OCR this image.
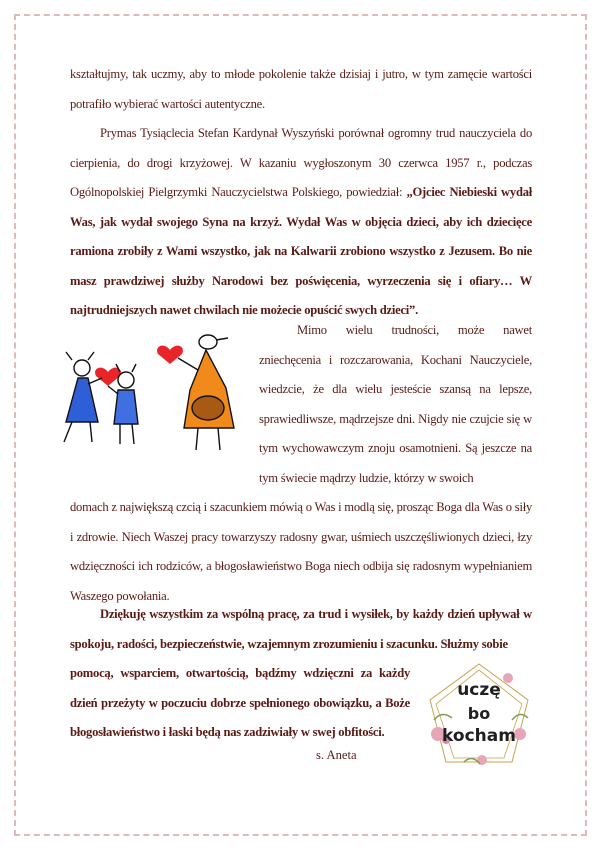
kształtujmy, tak uczmy, aby to młode pokolenie także dzisiaj i jutro, w tym zamęcie wartości potrafiło wybierać wartości autentyczne.

Prymas Tysiąclecia Stefan Kardynał Wyszyński porównał ogromny trud nauczyciela do cierpienia, do drogi krzyżowej. W kazaniu wygłoszonym 30 czerwca 1957 r., podczas Ogólnopolskiej Pielgrzymki Nauczycielstwa Polskiego, powiedział: „Ojciec Niebieski wydał Was, jak wydał swojego Syna na krzyż. Wydał Was w objęcia dzieci, aby ich dziecięce ramiona zrobiły z Wami wszystko, jak na Kalwarii zrobiono wszystko z Jezusem. Bo nie masz prawdziwej służby Narodowi bez poświęcenia, wyrzeczenia się i ofiary… W najtrudniejszych nawet chwilach nie możecie opuścić swych dzieci”.

Mimo wielu trudności, może nawet zniechęcenia i rozczarowania, Kochani Nauczyciele, wiedzcie, że dla wielu jesteście szansą na lepsze, sprawiedliwsze, mądrzejsze dni. Nigdy nie czujcie się w tym wychowawczym znoju osamotnieni. Są jeszcze na tym świecie mądrzy ludzie, którzy w swoich

domach z największą czcią i szacunkiem mówią o Was i modlą się, prosząc Boga dla Was o siły i zdrowie. Niech Waszej pracy towarzyszy radosny gwar, uśmiech uszczęśliwionych dzieci, łzy wdzięczności ich rodziców, a błogosławieństwo Boga niech odbija się radosnym wypełnianiem Waszego powołania.

Dziękuję wszystkim za wspólną pracę, za trud i wysiłek, by każdy dzień upływał w spokoju, radości, bezpieczeństwie, wzajemnym zrozumieniu i szacunku. Służmy sobie

pomocą, wsparciem, otwartością, bądźmy wdzięczni za każdy dzień przeżyty w poczuciu dobrze spełnionego obowiązku, a Boże błogosławieństwo i łaski będą nas zadziwiały w swej obfitości.

s. Aneta
uczę
bo
kocham
